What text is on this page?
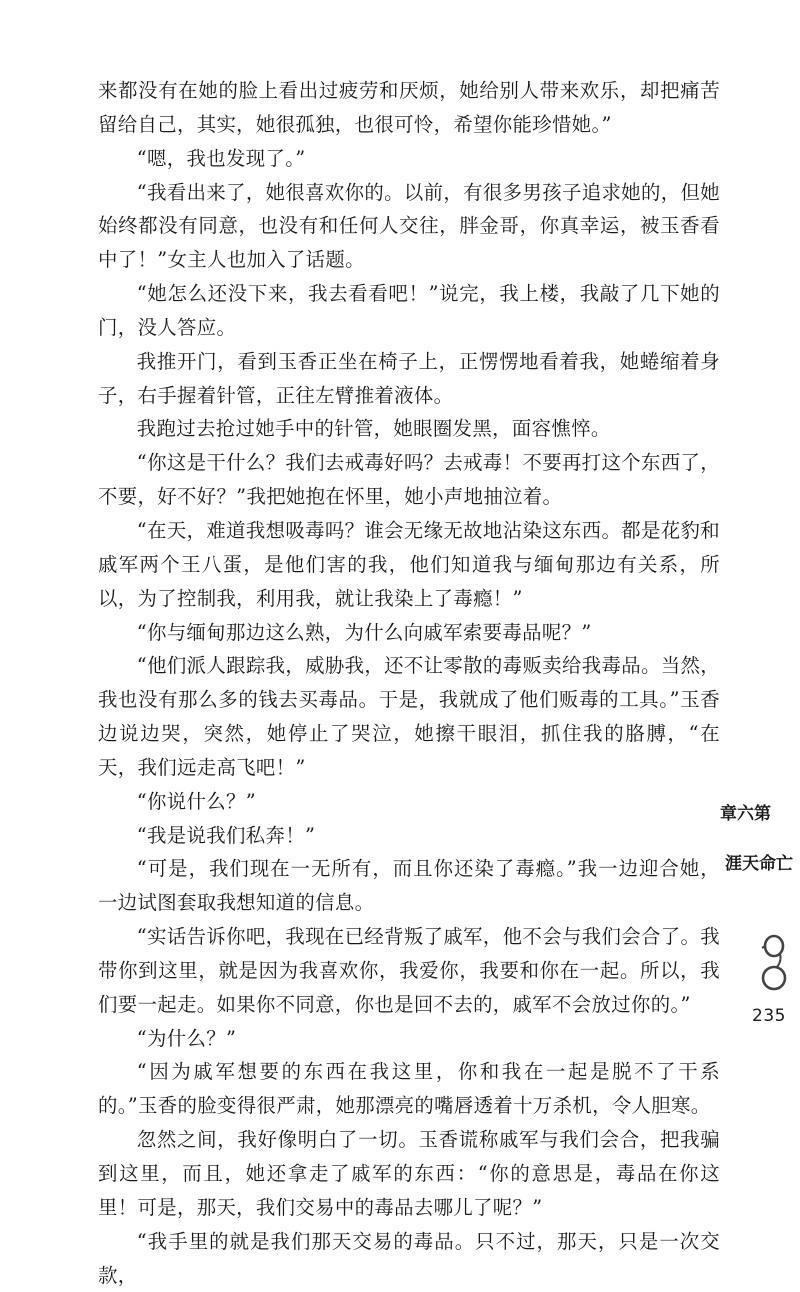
来都没有在她的脸上看出过疲劳和厌烦，她给别人带来欢乐，却把痛苦留给自己，其实，她很孤独，也很可怜，希望你能珍惜她。”

“嗯，我也发现了。”

“我看出来了，她很喜欢你的。以前，有很多男孩子追求她的，但她始终都没有同意，也没有和任何人交往，胖金哥，你真幸运，被玉香看中了！”女主人也加入了话题。

“她怎么还没下来，我去看看吧！”说完，我上楼，我敲了几下她的门，没人答应。

我推开门，看到玉香正坐在椅子上，正愣愣地看着我，她蜷缩着身子，右手握着针管，正往左臂推着液体。

我跑过去抢过她手中的针管，她眼圈发黑，面容憔悴。

“你这是干什么？我们去戒毒好吗？去戒毒！不要再打这个东西了，不要，好不好？”我把她抱在怀里，她小声地抽泣着。

“在天，难道我想吸毒吗？谁会无缘无故地沾染这东西。都是花豹和戚军两个王八蛋，是他们害的我，他们知道我与缅甸那边有关系，所以，为了控制我，利用我，就让我染上了毒瘾！”

“你与缅甸那边这么熟，为什么向戚军索要毒品呢？”

“他们派人跟踪我，威胁我，还不让零散的毒贩卖给我毒品。当然，我也没有那么多的钱去买毒品。于是，我就成了他们贩毒的工具。”玉香边说边哭，突然，她停止了哭泣，她擦干眼泪，抓住我的胳膊，“在天，我们远走高飞吧！”

“你说什么？”

“我是说我们私奔！”

“可是，我们现在一无所有，而且你还染了毒瘾。”我一边迎合她，一边试图套取我想知道的信息。

“实话告诉你吧，我现在已经背叛了戚军，他不会与我们会合了。我带你到这里，就是因为我喜欢你，我爱你，我要和你在一起。所以，我们要一起走。如果你不同意，你也是回不去的，戚军不会放过你的。”

“为什么？”

“因为戚军想要的东西在我这里，你和我在一起是脱不了干系的。”玉香的脸变得很严肃，她那漂亮的嘴唇透着十万杀机，令人胆寒。

忽然之间，我好像明白了一切。玉香谎称戚军与我们会合，把我骗到这里，而且，她还拿走了戚军的东西：“你的意思是，毒品在你这里！可是，那天，我们交易中的毒品去哪儿了呢？”

“我手里的就是我们那天交易的毒品。只不过，那天，只是一次交款，

第六章
亡命天涯
235
